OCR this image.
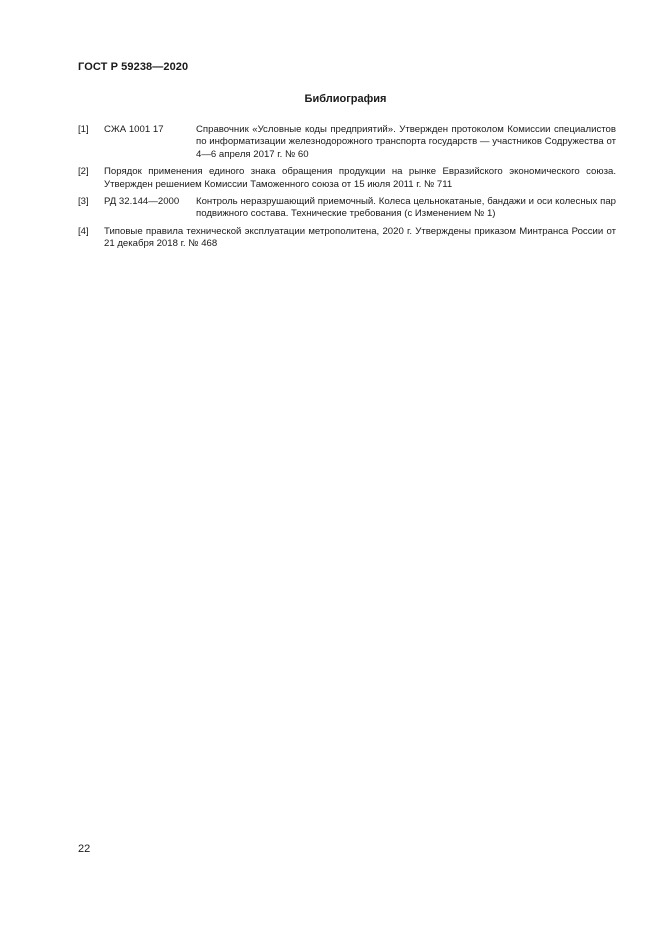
ГОСТ Р 59238—2020
Библиография
[1] СЖА 1001 17	Справочник «Условные коды предприятий». Утвержден протоколом Комиссии специалистов по информатизации железнодорожного транспорта государств — участников Содружества от 4—6 апреля 2017 г. № 60
[2] Порядок применения единого знака обращения продукции на рынке Евразийского экономического союза. Утвержден решением Комиссии Таможенного союза от 15 июля 2011 г. № 711
[3] РД 32.144—2000 Контроль неразрушающий приемочный. Колеса цельнокатаные, бандажи и оси колесных пар подвижного состава. Технические требования (с Изменением № 1)
[4] Типовые правила технической эксплуатации метрополитена, 2020 г. Утверждены приказом Минтранса России от 21 декабря 2018 г. № 468
22
